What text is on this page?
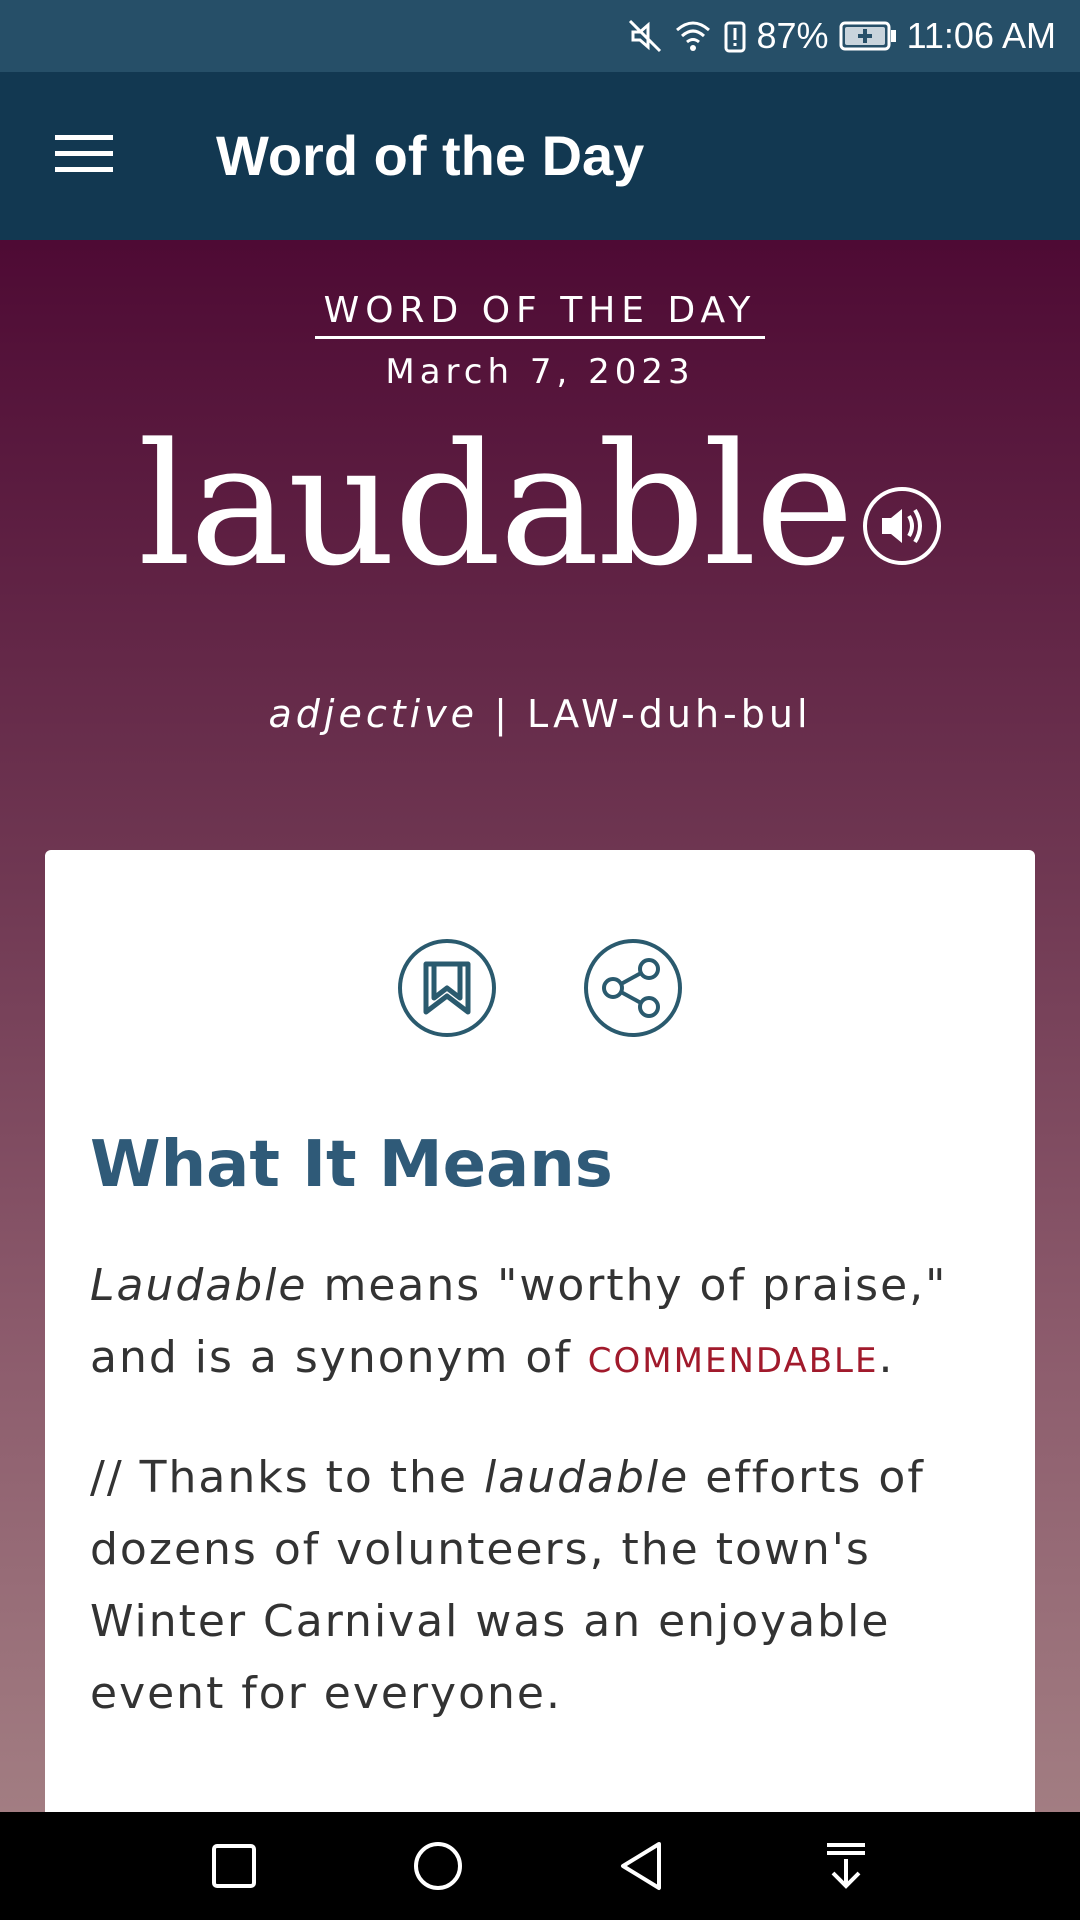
87% 11:06 AM
Word of the Day
WORD OF THE DAY
March 7, 2023
laudable
adjective | LAW-duh-bul
What It Means
Laudable means "worthy of praise," and is a synonym of COMMENDABLE.
// Thanks to the laudable efforts of dozens of volunteers, the town's Winter Carnival was an enjoyable event for everyone.
